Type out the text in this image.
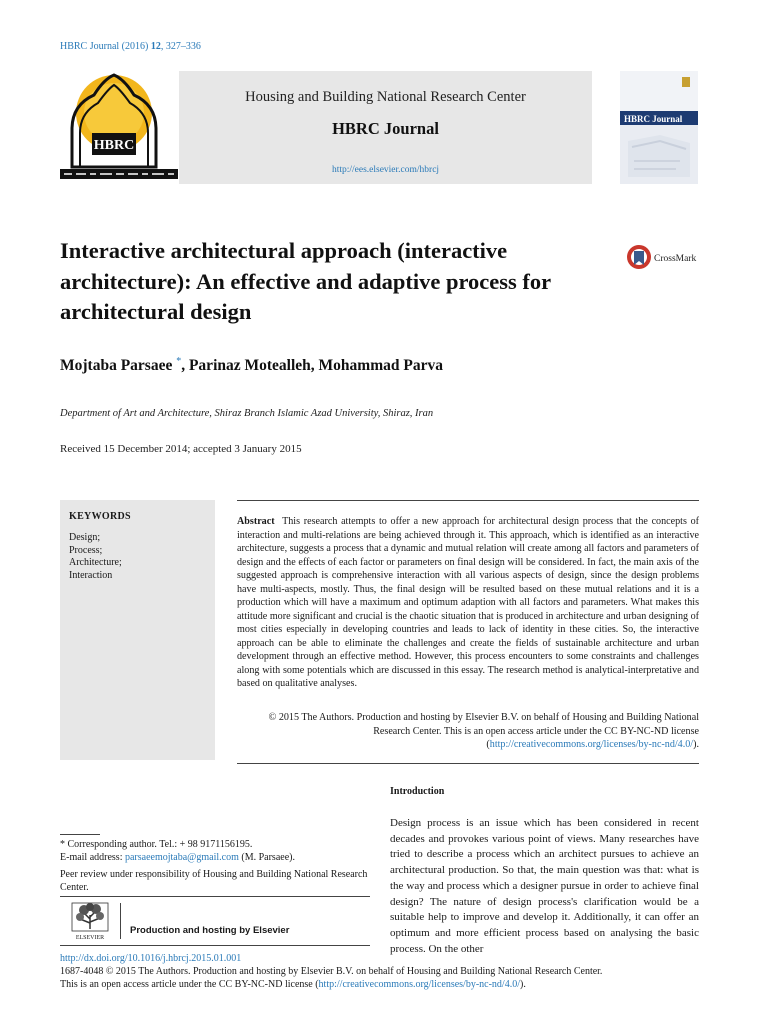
HBRC Journal (2016) 12, 327–336
HBRC
Housing and Building National Research Center
HBRC Journal
http://ees.elsevier.com/hbrcj
HBRC Journal
Interactive architectural approach (interactive architecture): An effective and adaptive process for architectural design
CrossMark
Mojtaba Parsaee *, Parinaz Motealleh, Mohammad Parva
Department of Art and Architecture, Shiraz Branch Islamic Azad University, Shiraz, Iran
Received 15 December 2014; accepted 3 January 2015
KEYWORDS
Design;
Process;
Architecture;
Interaction

Abstract This research attempts to offer a new approach for architectural design process that the concepts of interaction and multi-relations are being achieved through it. This approach, which is identified as an interactive architecture, suggests a process that a dynamic and mutual relation will create among all factors and parameters of design and the effects of each factor or parameters on final design will be considered. In fact, the main axis of the suggested approach is comprehensive interaction with all various aspects of design, since the design problems have multi-aspects, mostly. Thus, the final design will be resulted based on these mutual relations and it is a production which will have a maximum and optimum adaption with all factors and parameters. What makes this attitude more significant and crucial is the chaotic situation that is produced in architecture and urban designing of most cities especially in developing countries and leads to lack of identity in these cities. So, the interactive approach can be able to eliminate the challenges and create the fields of sustainable architecture and urban development through an effective method. However, this process encounters to some constraints and challenges along with some potentials which are discussed in this essay. The research method is analytical-interpretative and based on qualitative analyses.

© 2015 The Authors. Production and hosting by Elsevier B.V. on behalf of Housing and Building National Research Center. This is an open access article under the CC BY-NC-ND license (http://creativecommons.org/licenses/by-nc-nd/4.0/).
Introduction

Design process is an issue which has been considered in recent decades and provokes various point of views. Many researches have tried to describe a process which an architect pursues to achieve an architectural production. So that, the main question was that: what is the way and process which a designer pursue in order to achieve final design? The nature of design process's clarification would be a suitable help to improve and develop it. Additionally, it can offer an optimum and more efficient process based on analysing the basic process. On the other

* Corresponding author. Tel.: + 98 9171156195.
E-mail address: parsaeemojtaba@gmail.com (M. Parsaee).
Peer review under responsibility of Housing and Building National Research Center.
ELSEVIER
Production and hosting by Elsevier
http://dx.doi.org/10.1016/j.hbrcj.2015.01.001
1687-4048 © 2015 The Authors. Production and hosting by Elsevier B.V. on behalf of Housing and Building National Research Center.
This is an open access article under the CC BY-NC-ND license (http://creativecommons.org/licenses/by-nc-nd/4.0/).
